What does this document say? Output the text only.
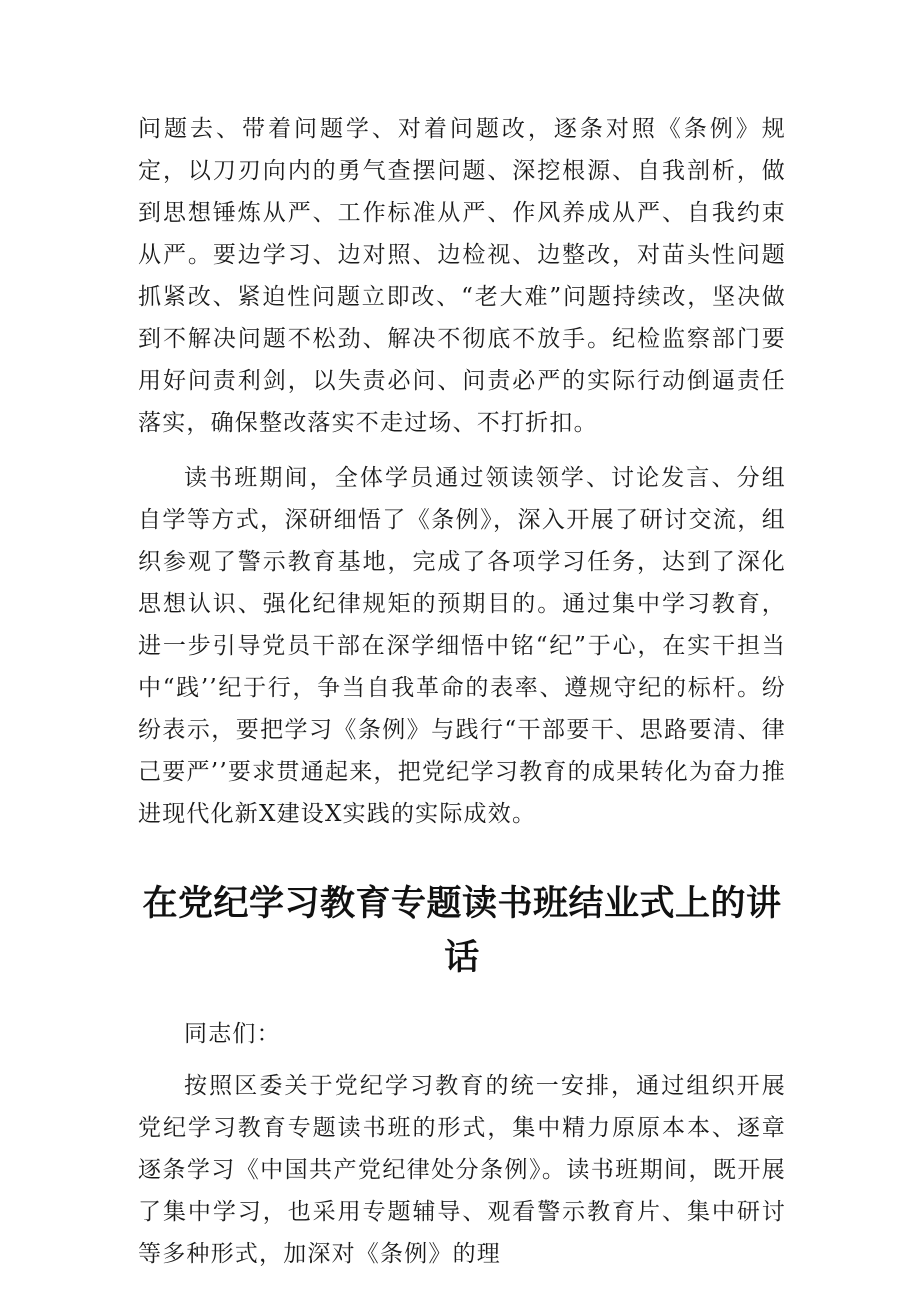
问题去、带着问题学、对着问题改，逐条对照《条例》规定，以刀刃向内的勇气查摆问题、深挖根源、自我剖析，做到思想锤炼从严、工作标准从严、作风养成从严、自我约束从严。要边学习、边对照、边检视、边整改，对苗头性问题抓紧改、紧迫性问题立即改、“老大难”问题持续改，坚决做到不解决问题不松劲、解决不彻底不放手。纪检监察部门要用好问责利剑，以失责必问、问责必严的实际行动倒逼责任落实，确保整改落实不走过场、不打折扣。

读书班期间，全体学员通过领读领学、讨论发言、分组自学等方式，深研细悟了《条例》，深入开展了研讨交流，组织参观了警示教育基地，完成了各项学习任务，达到了深化思想认识、强化纪律规矩的预期目的。通过集中学习教育，进一步引导党员干部在深学细悟中铭“纪”于心，在实干担当中“践’’纪于行，争当自我革命的表率、遵规守纪的标杆。纷纷表示，要把学习《条例》与践行“干部要干、思路要清、律己要严’’要求贯通起来，把党纪学习教育的成果转化为奋力推进现代化新X建设X实践的实际成效。

在党纪学习教育专题读书班结业式上的讲话

同志们：

按照区委关于党纪学习教育的统一安排，通过组织开展党纪学习教育专题读书班的形式，集中精力原原本本、逐章逐条学习《中国共产党纪律处分条例》。读书班期间，既开展了集中学习，也采用专题辅导、观看警示教育片、集中研讨等多种形式，加深对《条例》的理
